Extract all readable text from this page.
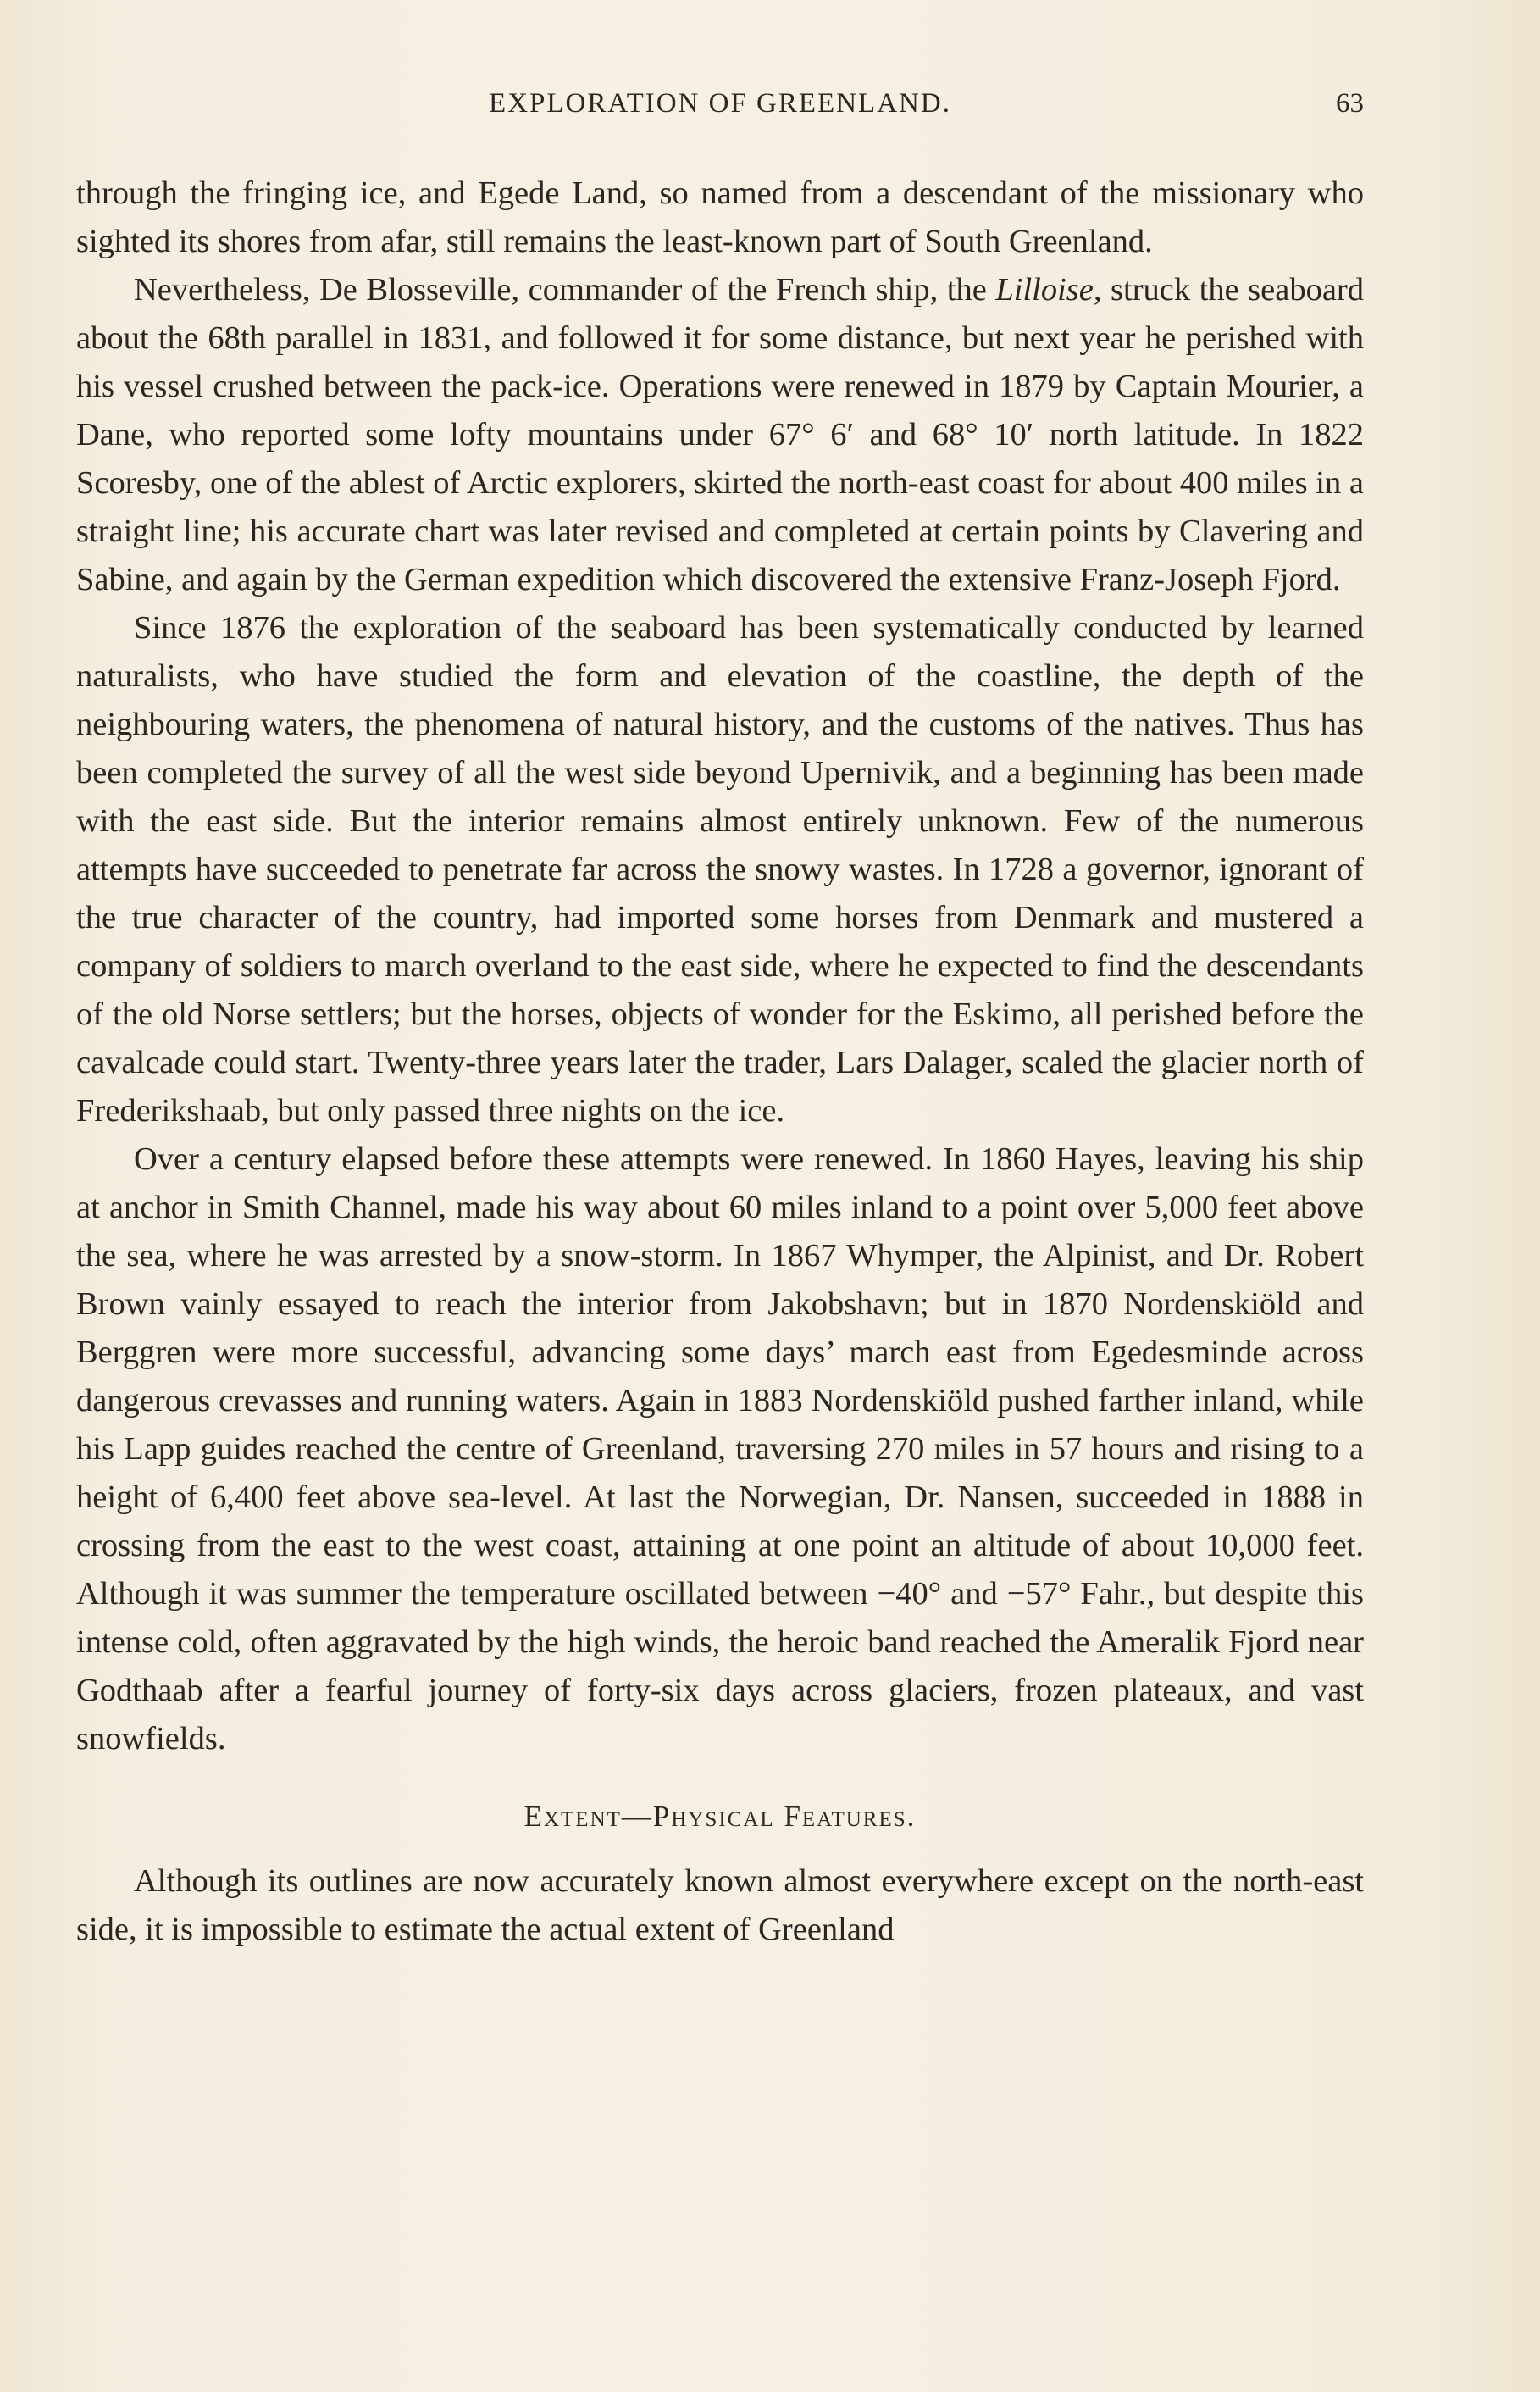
EXPLORATION OF GREENLAND.	63

through the fringing ice, and Egede Land, so named from a descendant of the missionary who sighted its shores from afar, still remains the least-known part of South Greenland.

Nevertheless, De Blosseville, commander of the French ship, the Lilloise, struck the seaboard about the 68th parallel in 1831, and followed it for some distance, but next year he perished with his vessel crushed between the pack-ice. Operations were renewed in 1879 by Captain Mourier, a Dane, who reported some lofty mountains under 67° 6′ and 68° 10′ north latitude. In 1822 Scoresby, one of the ablest of Arctic explorers, skirted the north-east coast for about 400 miles in a straight line; his accurate chart was later revised and completed at certain points by Clavering and Sabine, and again by the German expedition which discovered the extensive Franz-Joseph Fjord.

Since 1876 the exploration of the seaboard has been systematically conducted by learned naturalists, who have studied the form and elevation of the coastline, the depth of the neighbouring waters, the phenomena of natural history, and the customs of the natives. Thus has been completed the survey of all the west side beyond Upernivik, and a beginning has been made with the east side. But the interior remains almost entirely unknown. Few of the numerous attempts have succeeded to penetrate far across the snowy wastes. In 1728 a governor, ignorant of the true character of the country, had imported some horses from Denmark and mustered a company of soldiers to march overland to the east side, where he expected to find the descendants of the old Norse settlers; but the horses, objects of wonder for the Eskimo, all perished before the cavalcade could start. Twenty-three years later the trader, Lars Dalager, scaled the glacier north of Frederikshaab, but only passed three nights on the ice.

Over a century elapsed before these attempts were renewed. In 1860 Hayes, leaving his ship at anchor in Smith Channel, made his way about 60 miles inland to a point over 5,000 feet above the sea, where he was arrested by a snow-storm. In 1867 Whymper, the Alpinist, and Dr. Robert Brown vainly essayed to reach the interior from Jakobshavn; but in 1870 Nordenskiöld and Berggren were more successful, advancing some days’ march east from Egedesminde across dangerous crevasses and running waters. Again in 1883 Nordenskiöld pushed farther inland, while his Lapp guides reached the centre of Greenland, traversing 270 miles in 57 hours and rising to a height of 6,400 feet above sea-level. At last the Norwegian, Dr. Nansen, succeeded in 1888 in crossing from the east to the west coast, attaining at one point an altitude of about 10,000 feet. Although it was summer the temperature oscillated between −40° and −57° Fahr., but despite this intense cold, often aggravated by the high winds, the heroic band reached the Ameralik Fjord near Godthaab after a fearful journey of forty-six days across glaciers, frozen plateaux, and vast snowfields.

Extent—Physical Features.

Although its outlines are now accurately known almost everywhere except on the north-east side, it is impossible to estimate the actual extent of Greenland
